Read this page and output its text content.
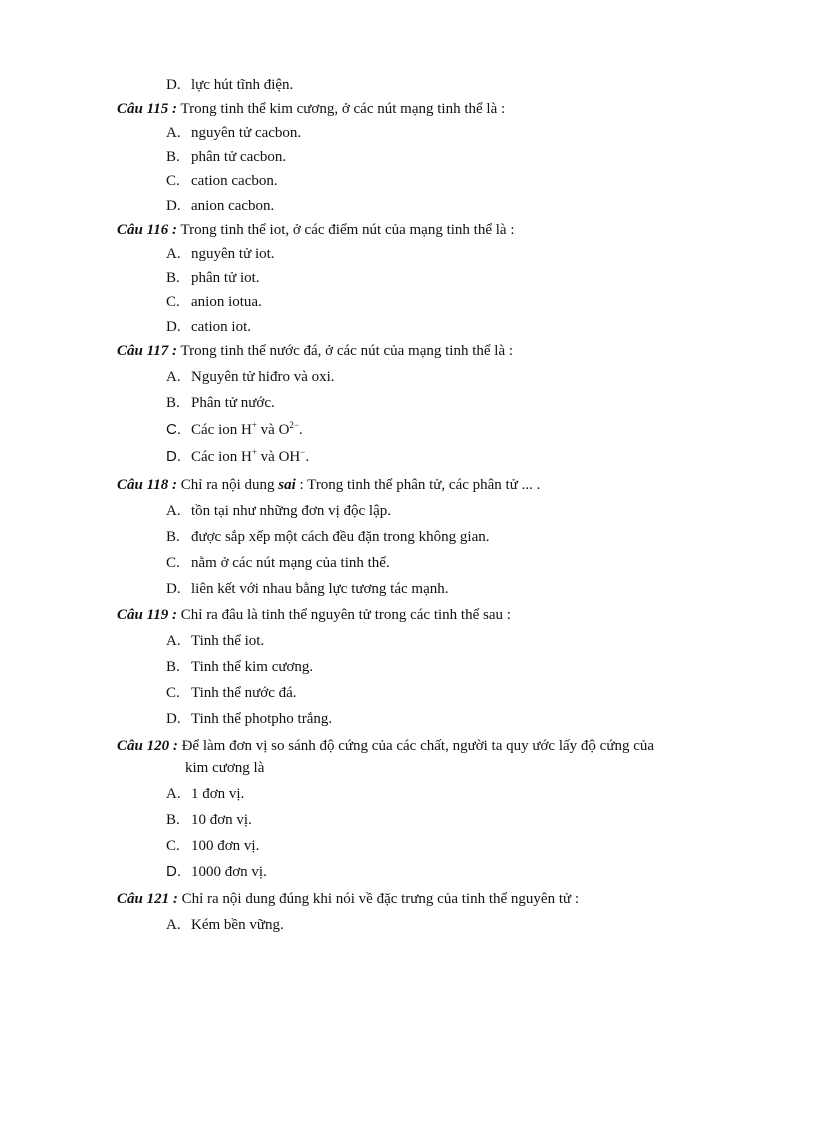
D. lực hút tĩnh điện.
Câu 115 : Trong tinh thể kim cương, ở các nút mạng tinh thể là :
A. nguyên tử cacbon.
B. phân tử cacbon.
C. cation cacbon.
D. anion cacbon.
Câu 116 : Trong tinh thể iot, ở các điểm nút của mạng tinh thể là :
A. nguyên tử iot.
B. phân tử iot.
C. anion iotua.
D. cation iot.
Câu 117 : Trong tinh thể nước đá, ở các nút của mạng tinh thể là :
A. Nguyên tử hiđro và oxi.
B. Phân tử nước.
C. Các ion H+ và $O^{2-}$.
D. Các ion H+ và OH−.
Câu 118 : Chỉ ra nội dung sai : Trong tinh thể phân tử, các phân tử ... .
A. tồn tại như những đơn vị độc lập.
B. được sắp xếp một cách đều đặn trong không gian.
C. nằm ở các nút mạng của tinh thể.
D. liên kết với nhau bằng lực tương tác mạnh.
Câu 119 : Chỉ ra đâu là tinh thể nguyên tử trong các tinh thể sau :
A. Tinh thể iot.
B. Tinh thể kim cương.
C. Tinh thể nước đá.
D. Tinh thể photpho trắng.
Câu 120 : Để làm đơn vị so sánh độ cứng của các chất, người ta quy ước lấy độ cứng của
kim cương là
A. 1 đơn vị.
B. 10 đơn vị.
C. 100 đơn vị.
D. 1000 đơn vị.
Câu 121 : Chỉ ra nội dung đúng khi nói về đặc trưng của tinh thể nguyên tử :
A. Kém bền vững.
